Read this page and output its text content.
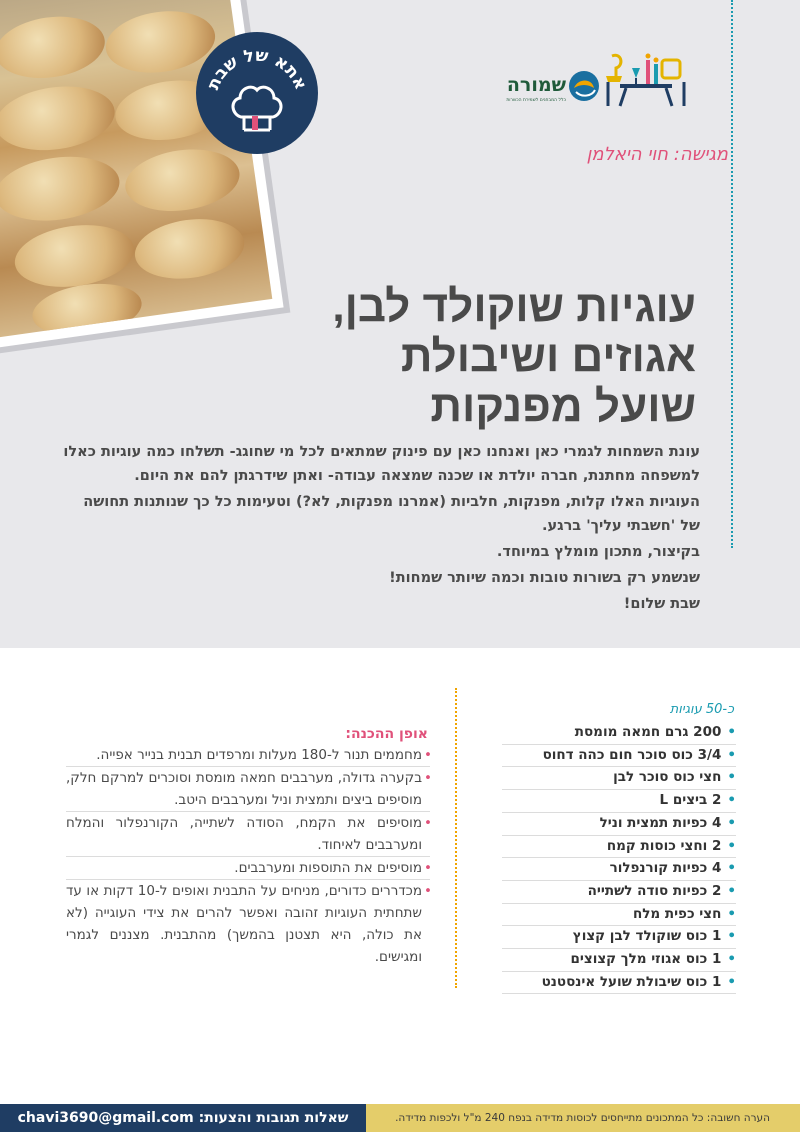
אתא של שבת	שמורה
כלל המבחנים לשמירת הכשרות
מגישה: חוי היאלמן
עוגיות שוקולד לבן,
אגוזים ושיבולת
שועל מפנקות

עונת השמחות לגמרי כאן ואנחנו כאן עם פינוק שמתאים לכל מי שחוגג- תשלחו כמה עוגיות כאלו למשפחה מחתנת, חברה יולדת או שכנה שמצאה עבודה- ואתן שידרגתן להם את היום.

העוגיות האלו קלות, מפנקות, חלביות (אמרנו מפנקות, לא?) וטעימות כל כך שנותנות תחושה של 'חשבתי עליך' ברגע.

בקיצור, מתכון מומלץ במיוחד.

שנשמע רק בשורות טובות וכמה שיותר שמחות!

שבת שלום!

כ-50 עוגיות
•200 גרם חמאה מומסת
•3/4 כוס סוכר חום כהה דחוס
•חצי כוס סוכר לבן
•2 ביצים L
•4 כפיות תמצית וניל
•2 וחצי כוסות קמח
•4 כפיות קורנפלור
•2 כפיות סודה לשתייה
•חצי כפית מלח
•1 כוס שוקולד לבן קצוץ
•1 כוס אגוזי מלך קצוצים
•1 כוס שיבולת שועל אינסטנט
אופן ההכנה:
•
מחממים תנור ל-180 מעלות ומרפדים תבנית בנייר אפייה.
•
בקערה גדולה, מערבבים חמאה מומסת וסוכרים למרקם חלק, מוסיפים ביצים ותמצית וניל ומערבבים היטב.
•
מוסיפים את הקמח, הסודה לשתייה, הקורנפלור והמלח ומערבבים לאיחוד.
•
מוסיפים את התוספות ומערבבים.
•
מכדררים כדורים, מניחים על התבנית ואופים ל-10 דקות או עד שתחתית העוגיות זהובה ואפשר להרים את צידי העוגייה (לא את כולה, היא תצטנן בהמשך) מהתבנית. מצננים לגמרי ומגישים.
שאלות תגובות והצעות: chavi3690@gmail.com	הערה חשובה: כל המתכונים מתייחסים לכוסות מדידה בנפח 240 מ"ל ולכפות מדידה.
